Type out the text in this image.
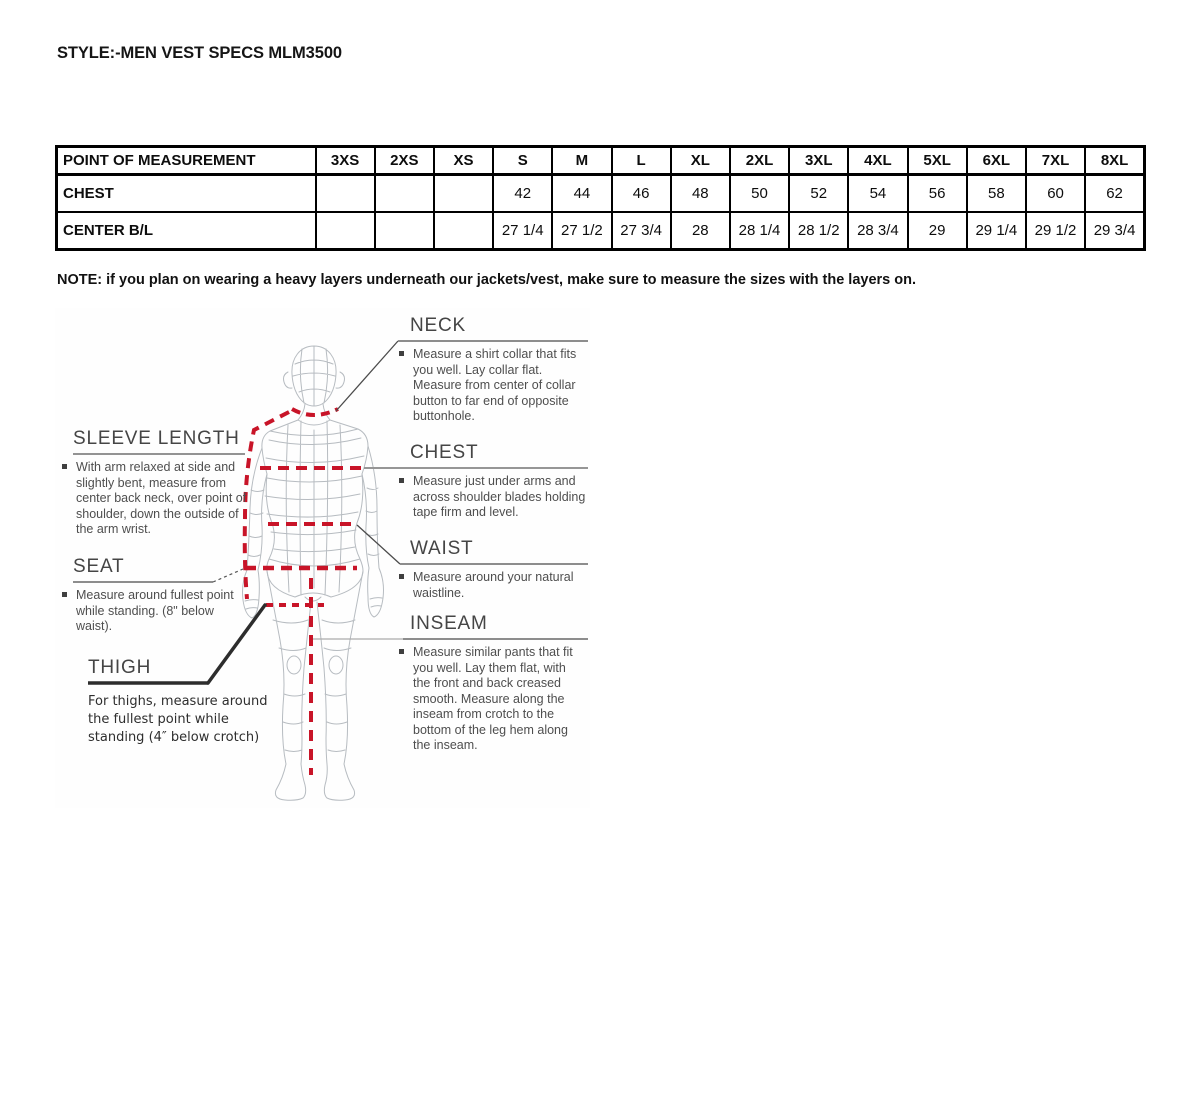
STYLE:-MEN VEST SPECS MLM3500
POINT OF MEASUREMENT	3XS	2XS	XS	S	M	L	XL	2XL	3XL	4XL	5XL	6XL	7XL	8XL
CHEST				42	44	46	48	50	52	54	56	58	60	62
CENTER B/L				27 1/4	27 1/2	27 3/4	28	28 1/4	28 1/2	28 3/4	29	29 1/4	29 1/2	29 3/4

NOTE: if you plan on wearing a heavy layers underneath our jackets/vest, make sure to measure the sizes with the layers on.

NECK
Measure a shirt collar that fits you well. Lay collar flat. Measure from center of collar button to far end of opposite buttonhole.
CHEST
Measure just under arms and across shoulder blades holding tape firm and level.
WAIST
Measure around your natural waistline.
INSEAM
Measure similar pants that fit you well. Lay them flat, with the front and back creased smooth. Measure along the inseam from crotch to the bottom of the leg hem along the inseam.
SLEEVE LENGTH
With arm relaxed at side and slightly bent, measure from center back neck, over point of shoulder, down the outside of the arm wrist.
SEAT
Measure around fullest point while standing. (8" below waist).
THIGH
For thighs, measure around the fullest point while standing (4″ below crotch)
